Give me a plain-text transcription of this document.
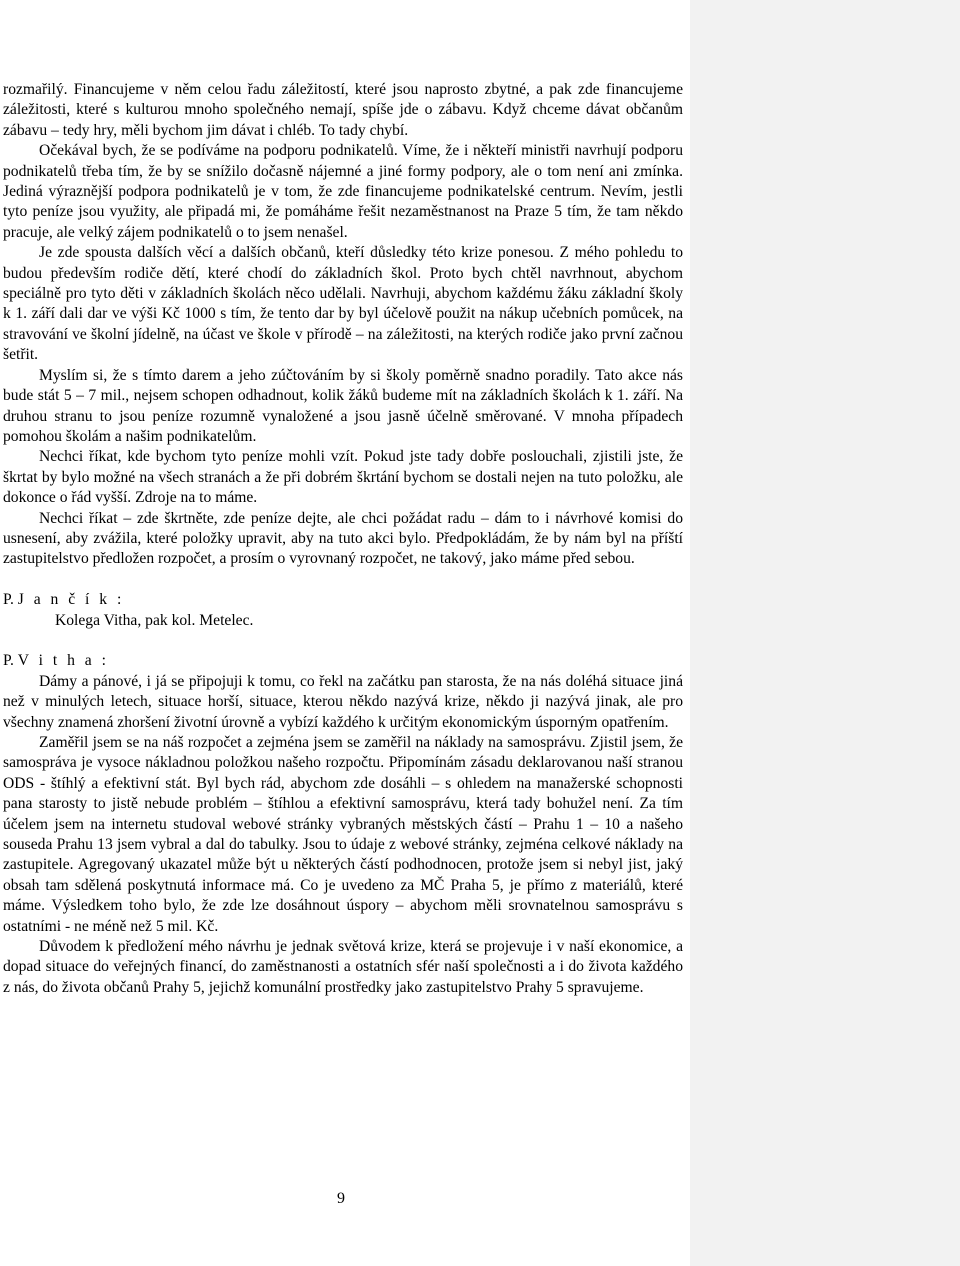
rozmařilý. Financujeme v něm celou řadu záležitostí, které jsou naprosto zbytné, a pak zde financujeme záležitosti, které s kulturou mnoho společného nemají, spíše jde o zábavu. Když chceme dávat občanům zábavu – tedy hry, měli bychom jim dávat i chléb. To tady chybí.

Očekával bych, že se podíváme na podporu podnikatelů. Víme, že i někteří ministři navrhují podporu podnikatelů třeba tím, že by se snížilo dočasně nájemné a jiné formy podpory, ale o tom není ani zmínka. Jediná výraznější podpora podnikatelů je v tom, že zde financujeme podnikatelské centrum. Nevím, jestli tyto peníze jsou využity, ale připadá mi, že pomáháme řešit nezaměstnanost na Praze 5 tím, že tam někdo pracuje, ale velký zájem podnikatelů o to jsem nenašel.

Je zde spousta dalších věcí a dalších občanů, kteří důsledky této krize ponesou. Z mého pohledu to budou především rodiče dětí, které chodí do základních škol. Proto bych chtěl navrhnout, abychom speciálně pro tyto děti v základních školách něco udělali. Navrhuji, abychom každému žáku základní školy k 1. září dali dar ve výši Kč 1000 s tím, že tento dar by byl účelově použit na nákup učebních pomůcek, na stravování ve školní jídelně, na účast ve škole v přírodě – na záležitosti, na kterých rodiče jako první začnou šetřit.

Myslím si, že s tímto darem a jeho zúčtováním by si školy poměrně snadno poradily. Tato akce nás bude stát 5 – 7 mil., nejsem schopen odhadnout, kolik žáků budeme mít na základních školách k 1. září. Na druhou stranu to jsou peníze rozumně vynaložené a jsou jasně účelně směrované. V mnoha případech pomohou školám a našim podnikatelům.

Nechci říkat, kde bychom tyto peníze mohli vzít. Pokud jste tady dobře poslouchali, zjistili jste, že škrtat by bylo možné na všech stranách a že při dobrém škrtání bychom se dostali nejen na tuto položku, ale dokonce o řád vyšší. Zdroje na to máme.

Nechci říkat – zde škrtněte, zde peníze dejte, ale chci požádat radu – dám to i návrhové komisi do usnesení, aby zvážila, které položky upravit, aby na tuto akci bylo. Předpokládám, že by nám byl na příští zastupitelstvo předložen rozpočet, a prosím o vyrovnaný rozpočet, ne takový, jako máme před sebou.

P. J a n č í k :

Kolega Vitha, pak kol. Metelec.

P. V i t h a :

Dámy a pánové, i já se připojuji k tomu, co řekl na začátku pan starosta, že na nás doléhá situace jiná než v minulých letech, situace horší, situace, kterou někdo nazývá krize, někdo ji nazývá jinak, ale pro všechny znamená zhoršení životní úrovně a vybízí každého k určitým ekonomickým úsporným opatřením.

Zaměřil jsem se na náš rozpočet a zejména jsem se zaměřil na náklady na samosprávu. Zjistil jsem, že samospráva je vysoce nákladnou položkou našeho rozpočtu. Připomínám zásadu deklarovanou naší stranou ODS - štíhlý a efektivní stát. Byl bych rád, abychom zde dosáhli – s ohledem na manažerské schopnosti pana starosty to jistě nebude problém – štíhlou a efektivní samosprávu, která tady bohužel není. Za tím účelem jsem na internetu studoval webové stránky vybraných městských částí – Prahu 1 – 10 a našeho souseda Prahu 13 jsem vybral a dal do tabulky. Jsou to údaje z webové stránky, zejména celkové náklady na zastupitele. Agregovaný ukazatel může být u některých částí podhodnocen, protože jsem si nebyl jist, jaký obsah tam sdělená poskytnutá informace má. Co je uvedeno za MČ Praha 5, je přímo z materiálů, které máme. Výsledkem toho bylo, že zde lze dosáhnout úspory – abychom měli srovnatelnou samosprávu s ostatními - ne méně než 5 mil. Kč.

Důvodem k předložení mého návrhu je jednak světová krize, která se projevuje i v naší ekonomice, a dopad situace do veřejných financí, do zaměstnanosti a ostatních sfér naší společnosti a i do života každého z nás, do života občanů Prahy 5, jejichž komunální prostředky jako zastupitelstvo Prahy 5 spravujeme.

9
